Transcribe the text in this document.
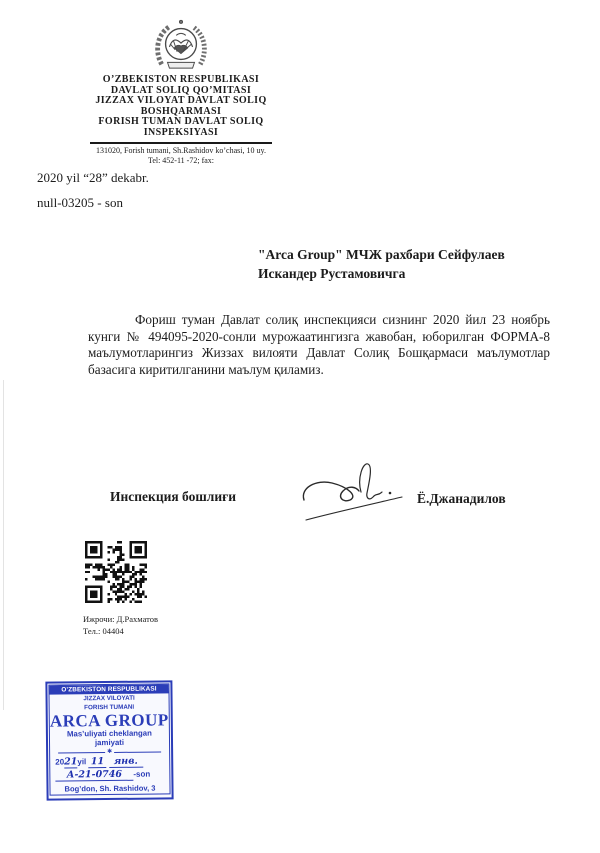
O’ZBEKISTON RESPUBLIKASI
DAVLAT SOLIQ QO’MITASI
JIZZAX VILOYAT DAVLAT SOLIQ
BOSHQARMASI
FORISH TUMAN DAVLAT SOLIQ
INSPEKSIYASI
131020, Forish tumani, Sh.Rashidov ko’chasi, 10 uy.
Tel: 452-11 -72; fax:
2020 yil “28” dekabr.
null-03205 - son
"Arca Group" МЧЖ рахбари Сейфулаев
Искандер Рустамовичга
Фориш туман Давлат солиқ инспекцияси сизнинг 2020 йил 23 ноябрь кунги № 494095-2020-сонли мурожаатингизга жавобан, юборилган ФОРМА-8 маълумотларингиз Жиззах вилояти Давлат Солиқ Бошқармаси маълумотлар базасига киритилганини маълум қиламиз.
Инспекция бошлиғи	Ё.Джанадилов
Ижрочи: Д.Рахматов
Тел.: 04404
O’ZBEKISTON RESPUBLIKASI
JIZZAX VILOYATI
FORISH TUMANI
ARCA GROUP
Mas’uliyati cheklangan
jamiyati
✱
2021yil 11 янв.
А-21-0746 -son
Bog’don, Sh. Rashidov, 3
